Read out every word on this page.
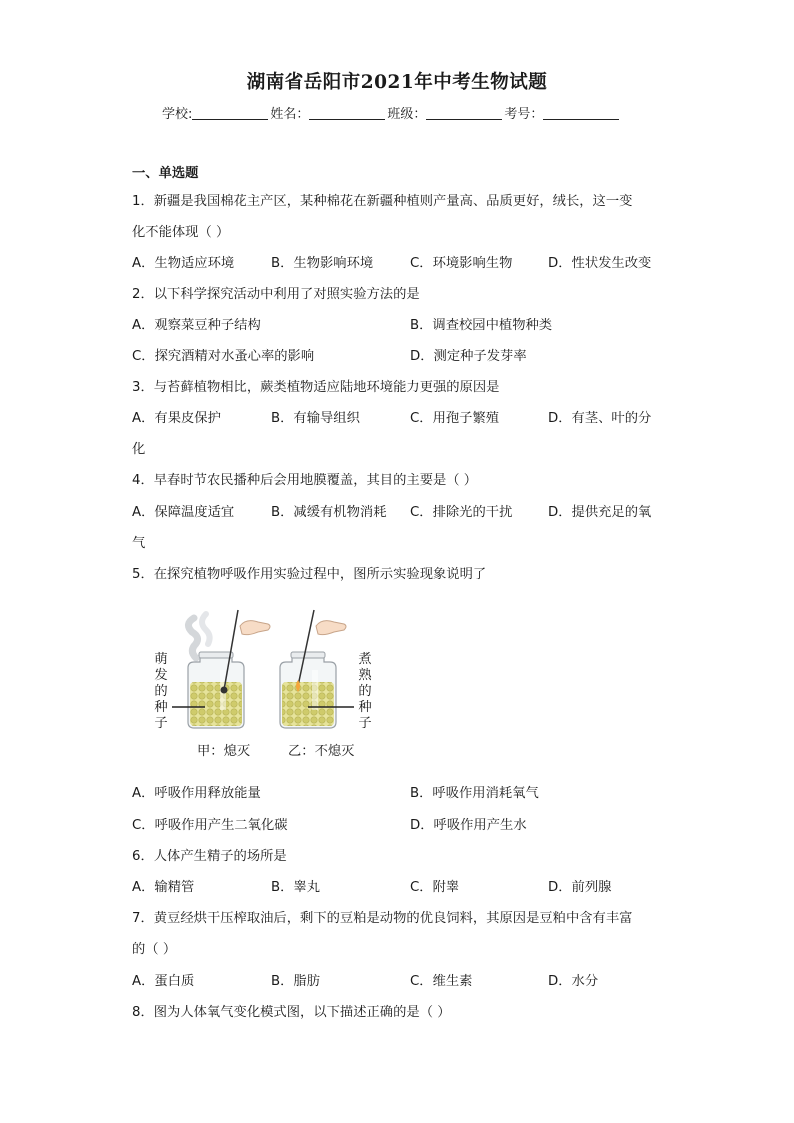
湖南省岳阳市2021年中考生物试题
学校:	姓名：	班级：	考号：
一、单选题
1．新疆是我国棉花主产区，某种棉花在新疆种植则产量高、品质更好，绒长，这一变
化不能体现（ ）
A．生物适应环境	B．生物影响环境	C．环境影响生物	D．性状发生改变
2．以下科学探究活动中利用了对照实验方法的是
A．观察菜豆种子结构	B．调查校园中植物种类
C．探究酒精对水蚤心率的影响	D．测定种子发芽率
3．与苔藓植物相比，蕨类植物适应陆地环境能力更强的原因是
A．有果皮保护	B．有输导组织	C．用孢子繁殖	D．有茎、叶的分
化
4．早春时节农民播种后会用地膜覆盖，其目的主要是（ ）
A．保障温度适宜	B．减缓有机物消耗 C．排除光的干扰	D．提供充足的氧
气
5．在探究植物呼吸作用实验过程中，图所示实验现象说明了
萌发的种子
煮熟的种子
甲：熄灭	乙：不熄灭
A．呼吸作用释放能量	B．呼吸作用消耗氧气
C．呼吸作用产生二氧化碳	D．呼吸作用产生水
6．人体产生精子的场所是
A．输精管	B．睾丸	C．附睾	D．前列腺
7．黄豆经烘干压榨取油后，剩下的豆粕是动物的优良饲料，其原因是豆粕中含有丰富
的（ ）
A．蛋白质	B．脂肪	C．维生素	D．水分
8．图为人体氧气变化模式图，以下描述正确的是（ ）
